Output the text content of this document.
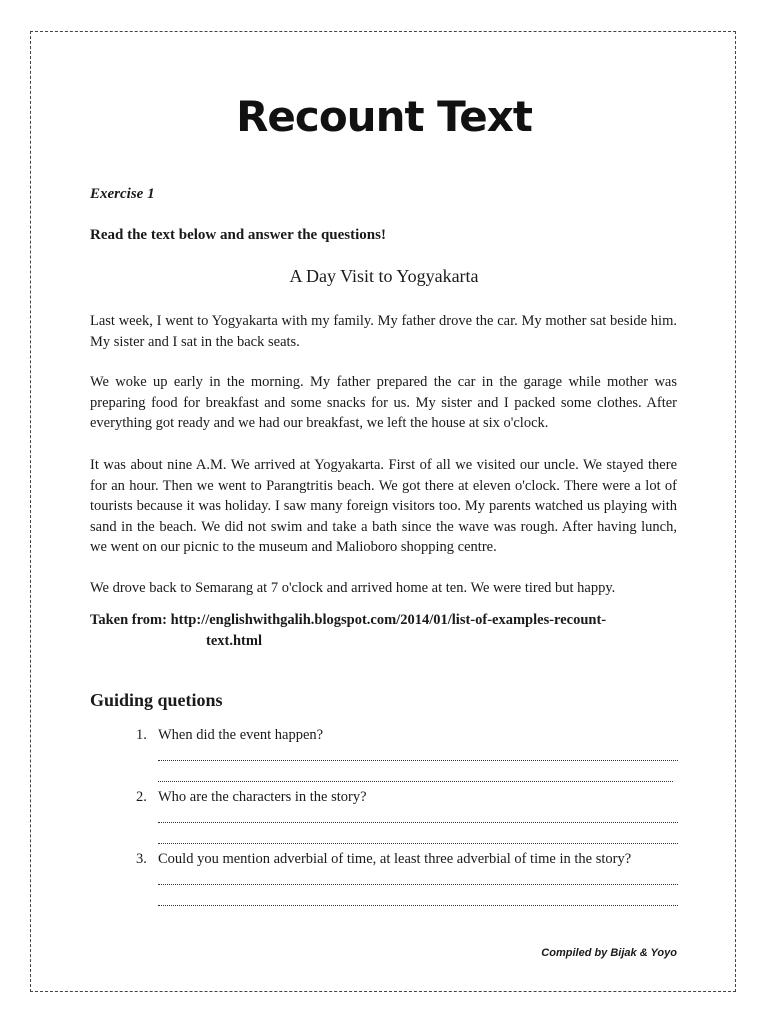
Recount Text
Exercise 1
Read the text below and answer the questions!
A Day Visit to Yogyakarta

Last week, I went to Yogyakarta with my family. My father drove the car. My mother sat beside him. My sister and I sat in the back seats.

We woke up early in the morning. My father prepared the car in the garage while mother was preparing food for breakfast and some snacks for us. My sister and I packed some clothes. After everything got ready and we had our breakfast, we left the house at six o'clock.

It was about nine A.M. We arrived at Yogyakarta. First of all we visited our uncle. We stayed there for an hour. Then we went to Parangtritis beach. We got there at eleven o'clock. There were a lot of tourists because it was holiday. I saw many foreign visitors too. My parents watched us playing with sand in the beach. We did not swim and take a bath since the wave was rough. After having lunch, we went on our picnic to the museum and Malioboro shopping centre.

We drove back to Semarang at 7 o'clock and arrived home at ten. We were tired but happy.

Taken from: http://englishwithgalih.blogspot.com/2014/01/list-of-examples-recount-
text.html
Guiding quetions
1. When did the event happen?
2. Who are the characters in the story?
3. Could you mention adverbial of time, at least three adverbial of time in the story?
Compiled by Bijak & Yoyo
